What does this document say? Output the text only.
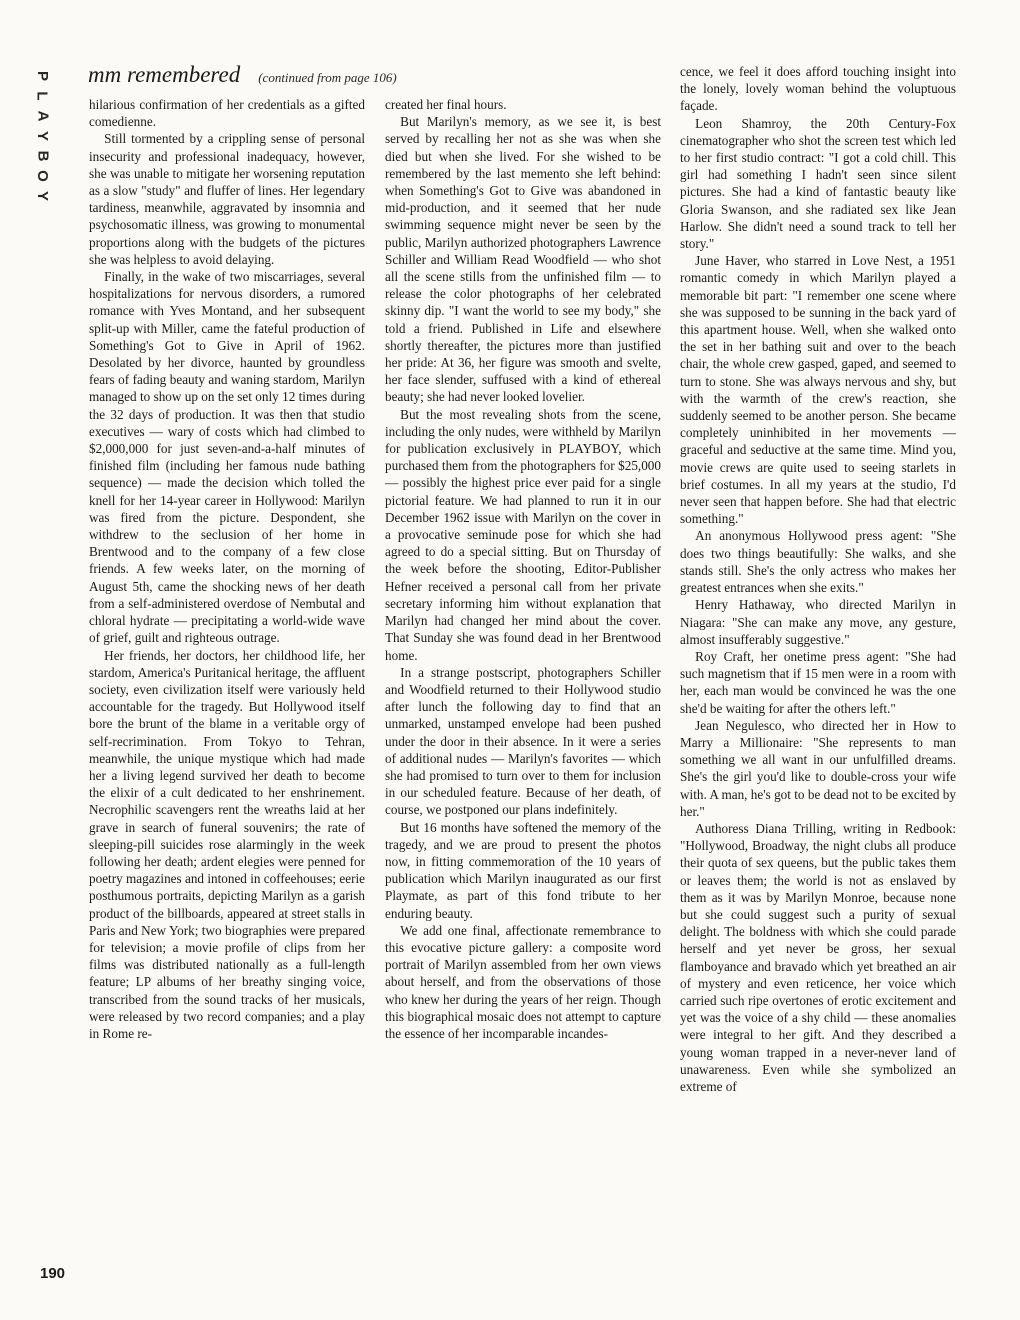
P
L
A
Y
B
O
Y
mm remembered (continued from page 106)

hilarious confirmation of her credentials as a gifted comedienne.

Still tormented by a crippling sense of personal insecurity and professional inadequacy, however, she was unable to mitigate her worsening reputation as a slow "study" and fluffer of lines. Her legendary tardiness, meanwhile, aggravated by insomnia and psychosomatic illness, was growing to monumental proportions along with the budgets of the pictures she was helpless to avoid delaying.

Finally, in the wake of two miscarriages, several hospitalizations for nervous disorders, a rumored romance with Yves Montand, and her subsequent split-up with Miller, came the fateful production of Something's Got to Give in April of 1962. Desolated by her divorce, haunted by groundless fears of fading beauty and waning stardom, Marilyn managed to show up on the set only 12 times during the 32 days of production. It was then that studio executives — wary of costs which had climbed to $2,000,000 for just seven-and-a-half minutes of finished film (including her famous nude bathing sequence) — made the decision which tolled the knell for her 14-year career in Hollywood: Marilyn was fired from the picture. Despondent, she withdrew to the seclusion of her home in Brentwood and to the company of a few close friends. A few weeks later, on the morning of August 5th, came the shocking news of her death from a self-administered overdose of Nembutal and chloral hydrate — precipitating a world-wide wave of grief, guilt and righteous outrage.

Her friends, her doctors, her childhood life, her stardom, America's Puritanical heritage, the affluent society, even civilization itself were variously held accountable for the tragedy. But Hollywood itself bore the brunt of the blame in a veritable orgy of self-recrimination. From Tokyo to Tehran, meanwhile, the unique mystique which had made her a living legend survived her death to become the elixir of a cult dedicated to her enshrinement. Necrophilic scavengers rent the wreaths laid at her grave in search of funeral souvenirs; the rate of sleeping-pill suicides rose alarmingly in the week following her death; ardent elegies were penned for poetry magazines and intoned in coffeehouses; eerie posthumous portraits, depicting Marilyn as a garish product of the billboards, appeared at street stalls in Paris and New York; two biographies were prepared for television; a movie profile of clips from her films was distributed nationally as a full-length feature; LP albums of her breathy singing voice, transcribed from the sound tracks of her musicals, were released by two record companies; and a play in Rome re-

created her final hours.

But Marilyn's memory, as we see it, is best served by recalling her not as she was when she died but when she lived. For she wished to be remembered by the last memento she left behind: when Something's Got to Give was abandoned in mid-production, and it seemed that her nude swimming sequence might never be seen by the public, Marilyn authorized photographers Lawrence Schiller and William Read Woodfield — who shot all the scene stills from the unfinished film — to release the color photographs of her celebrated skinny dip. "I want the world to see my body," she told a friend. Published in Life and elsewhere shortly thereafter, the pictures more than justified her pride: At 36, her figure was smooth and svelte, her face slender, suffused with a kind of ethereal beauty; she had never looked lovelier.

But the most revealing shots from the scene, including the only nudes, were withheld by Marilyn for publication exclusively in PLAYBOY, which purchased them from the photographers for $25,000 — possibly the highest price ever paid for a single pictorial feature. We had planned to run it in our December 1962 issue with Marilyn on the cover in a provocative seminude pose for which she had agreed to do a special sitting. But on Thursday of the week before the shooting, Editor-Publisher Hefner received a personal call from her private secretary informing him without explanation that Marilyn had changed her mind about the cover. That Sunday she was found dead in her Brentwood home.

In a strange postscript, photographers Schiller and Woodfield returned to their Hollywood studio after lunch the following day to find that an unmarked, unstamped envelope had been pushed under the door in their absence. In it were a series of additional nudes — Marilyn's favorites — which she had promised to turn over to them for inclusion in our scheduled feature. Because of her death, of course, we postponed our plans indefinitely.

But 16 months have softened the memory of the tragedy, and we are proud to present the photos now, in fitting commemoration of the 10 years of publication which Marilyn inaugurated as our first Playmate, as part of this fond tribute to her enduring beauty.

We add one final, affectionate remembrance to this evocative picture gallery: a composite word portrait of Marilyn assembled from her own views about herself, and from the observations of those who knew her during the years of her reign. Though this biographical mosaic does not attempt to capture the essence of her incomparable incandes-

cence, we feel it does afford touching insight into the lonely, lovely woman behind the voluptuous façade.

Leon Shamroy, the 20th Century-Fox cinematographer who shot the screen test which led to her first studio contract: "I got a cold chill. This girl had something I hadn't seen since silent pictures. She had a kind of fantastic beauty like Gloria Swanson, and she radiated sex like Jean Harlow. She didn't need a sound track to tell her story."

June Haver, who starred in Love Nest, a 1951 romantic comedy in which Marilyn played a memorable bit part: "I remember one scene where she was supposed to be sunning in the back yard of this apartment house. Well, when she walked onto the set in her bathing suit and over to the beach chair, the whole crew gasped, gaped, and seemed to turn to stone. She was always nervous and shy, but with the warmth of the crew's reaction, she suddenly seemed to be another person. She became completely uninhibited in her movements — graceful and seductive at the same time. Mind you, movie crews are quite used to seeing starlets in brief costumes. In all my years at the studio, I'd never seen that happen before. She had that electric something."

An anonymous Hollywood press agent: "She does two things beautifully: She walks, and she stands still. She's the only actress who makes her greatest entrances when she exits."

Henry Hathaway, who directed Marilyn in Niagara: "She can make any move, any gesture, almost insufferably suggestive."

Roy Craft, her onetime press agent: "She had such magnetism that if 15 men were in a room with her, each man would be convinced he was the one she'd be waiting for after the others left."

Jean Negulesco, who directed her in How to Marry a Millionaire: "She represents to man something we all want in our unfulfilled dreams. She's the girl you'd like to double-cross your wife with. A man, he's got to be dead not to be excited by her."

Authoress Diana Trilling, writing in Redbook: "Hollywood, Broadway, the night clubs all produce their quota of sex queens, but the public takes them or leaves them; the world is not as enslaved by them as it was by Marilyn Monroe, because none but she could suggest such a purity of sexual delight. The boldness with which she could parade herself and yet never be gross, her sexual flamboyance and bravado which yet breathed an air of mystery and even reticence, her voice which carried such ripe overtones of erotic excitement and yet was the voice of a shy child — these anomalies were integral to her gift. And they described a young woman trapped in a never-never land of unawareness. Even while she symbolized an extreme of

190
